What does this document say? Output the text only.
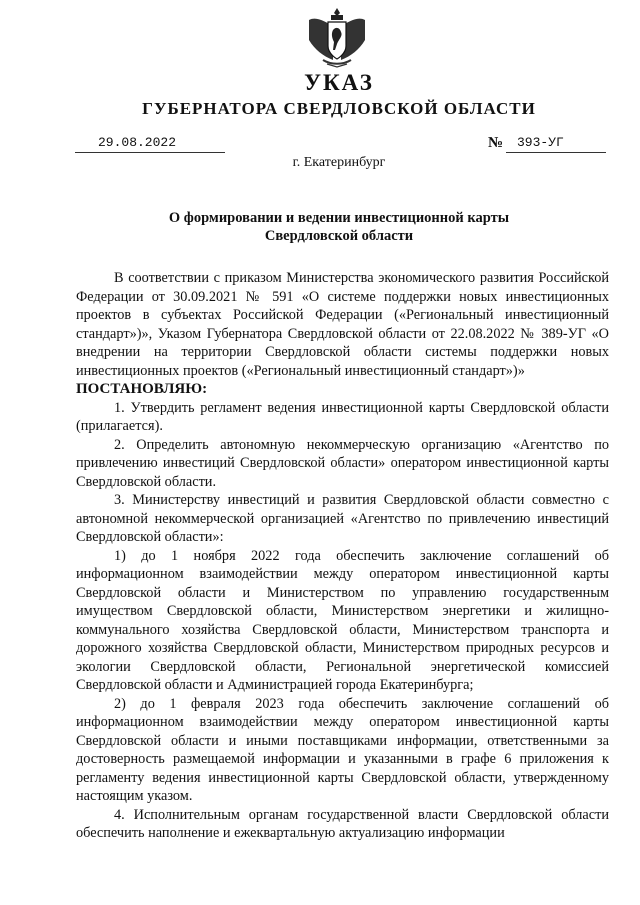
УКАЗ
ГУБЕРНАТОРА СВЕРДЛОВСКОЙ ОБЛАСТИ
29.08.2022	№ 393-УГ
г. Екатеринбург
О формировании и ведении инвестиционной карты
Свердловской области

В соответствии с приказом Министерства экономического развития Российской Федерации от 30.09.2021 № 591 «О системе поддержки новых инвестиционных проектов в субъектах Российской Федерации («Региональный инвестиционный стандарт»)», Указом Губернатора Свердловской области от 22.08.2022 № 389-УГ «О внедрении на территории Свердловской области системы поддержки новых инвестиционных проектов («Региональный инвестиционный стандарт»)»

ПОСТАНОВЛЯЮ:

1. Утвердить регламент ведения инвестиционной карты Свердловской области (прилагается).

2. Определить автономную некоммерческую организацию «Агентство по привлечению инвестиций Свердловской области» оператором инвестиционной карты Свердловской области.

3. Министерству инвестиций и развития Свердловской области совместно с автономной некоммерческой организацией «Агентство по привлечению инвестиций Свердловской области»:

1) до 1 ноября 2022 года обеспечить заключение соглашений об информационном взаимодействии между оператором инвестиционной карты Свердловской области и Министерством по управлению государственным имуществом Свердловской области, Министерством энергетики и жилищно-коммунального хозяйства Свердловской области, Министерством транспорта и дорожного хозяйства Свердловской области, Министерством природных ресурсов и экологии Свердловской области, Региональной энергетической комиссией Свердловской области и Администрацией города Екатеринбурга;

2) до 1 февраля 2023 года обеспечить заключение соглашений об информационном взаимодействии между оператором инвестиционной карты Свердловской области и иными поставщиками информации, ответственными за достоверность размещаемой информации и указанными в графе 6 приложения к регламенту ведения инвестиционной карты Свердловской области, утвержденному настоящим указом.

4. Исполнительным органам государственной власти Свердловской области обеспечить наполнение и ежеквартальную актуализацию информации
